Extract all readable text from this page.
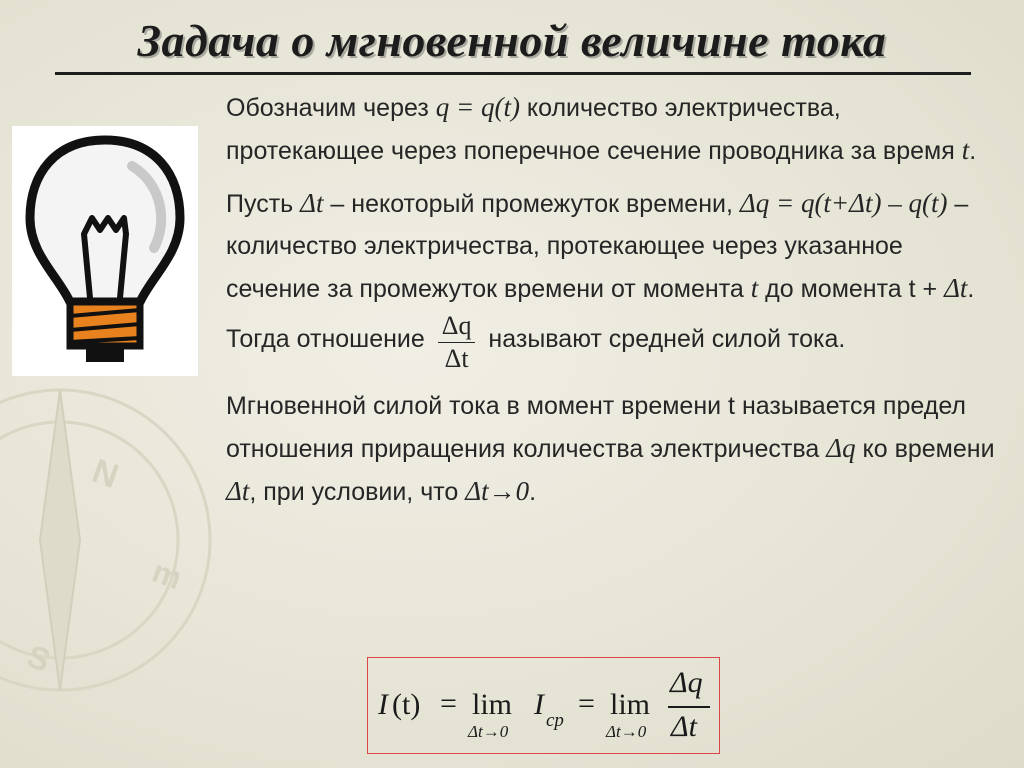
N
m
S
Задача о мгновенной величине тока

Обозначим через q = q(t) количество электричества, протекающее через поперечное сечение проводника за время t.

Пусть Δt – некоторый промежуток времени, Δq = q(t+Δt) – q(t) – количество электричества, протекающее через указанное сечение за промежуток времени от момента t до момента t + Δt. Тогда отношение $\frac{\Delta q}{\Delta t}$ называют средней силой тока.

Мгновенной силой тока в момент времени t называется предел отношения приращения количества электричества Δq ко времени Δt, при условии, что Δt→0.

I (t) = lim
Δt→0
I cp
= lim
Δt→0
Δq
Δt
